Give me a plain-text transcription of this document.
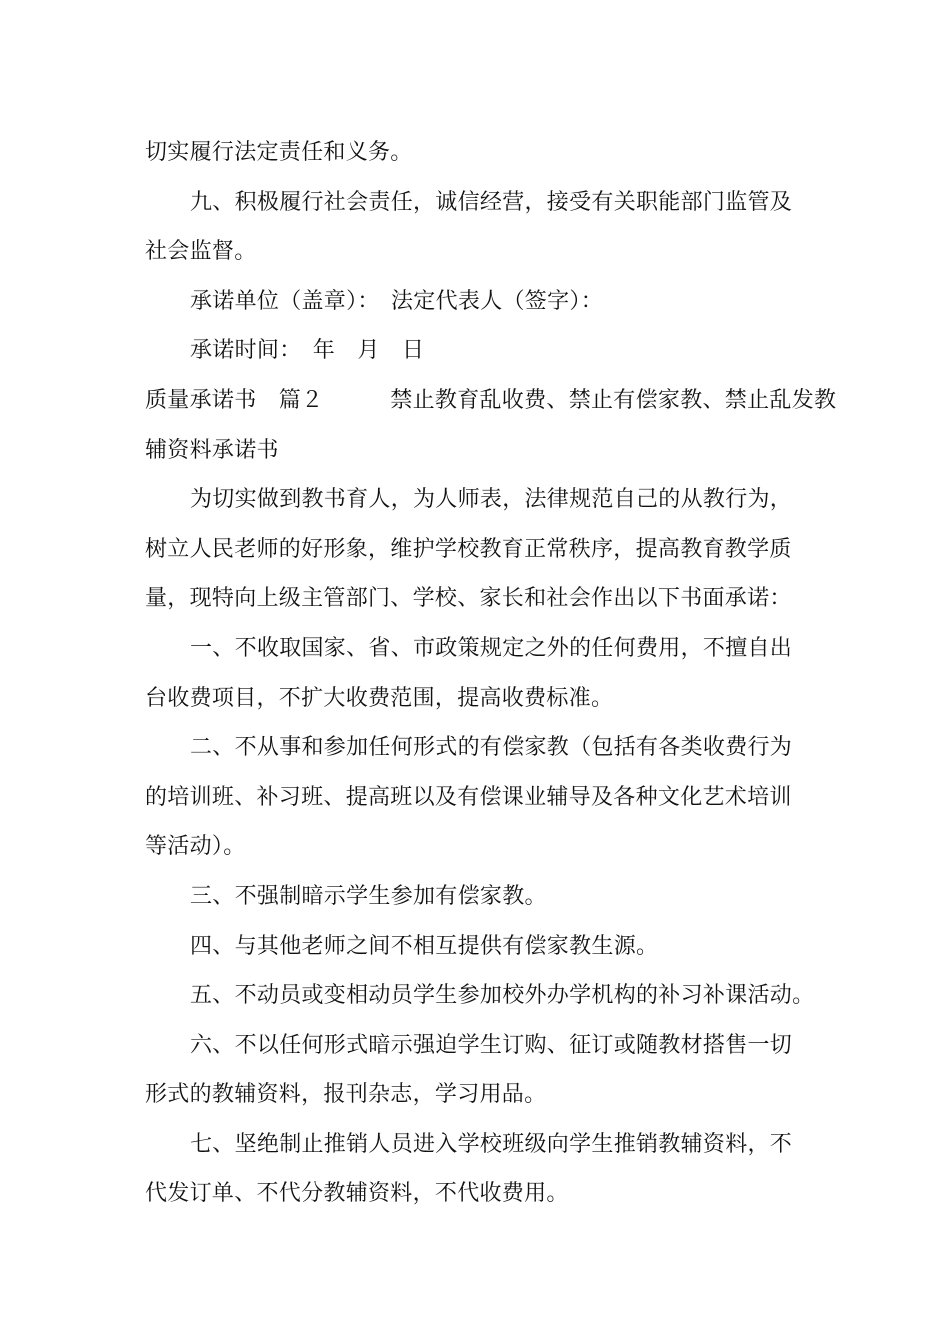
切实履行法定责任和义务。
九、积极履行社会责任，诚信经营，接受有关职能部门监管及
社会监督。
承诺单位（盖章）：　法定代表人（签字）：
承诺时间：　年　月　日
质量承诺书　篇２　　　禁止教育乱收费、禁止有偿家教、禁止乱发教
辅资料承诺书
为切实做到教书育人，为人师表，法律规范自己的从教行为，
树立人民老师的好形象，维护学校教育正常秩序，提高教育教学质
量，现特向上级主管部门、学校、家长和社会作出以下书面承诺：
一、不收取国家、省、市政策规定之外的任何费用，不擅自出
台收费项目，不扩大收费范围，提高收费标准。
二、不从事和参加任何形式的有偿家教（包括有各类收费行为
的培训班、补习班、提高班以及有偿课业辅导及各种文化艺术培训
等活动）。
三、不强制暗示学生参加有偿家教。
四、与其他老师之间不相互提供有偿家教生源。
五、不动员或变相动员学生参加校外办学机构的补习补课活动。
六、不以任何形式暗示强迫学生订购、征订或随教材搭售一切
形式的教辅资料，报刊杂志，学习用品。
七、坚绝制止推销人员进入学校班级向学生推销教辅资料，不
代发订单、不代分教辅资料，不代收费用。
